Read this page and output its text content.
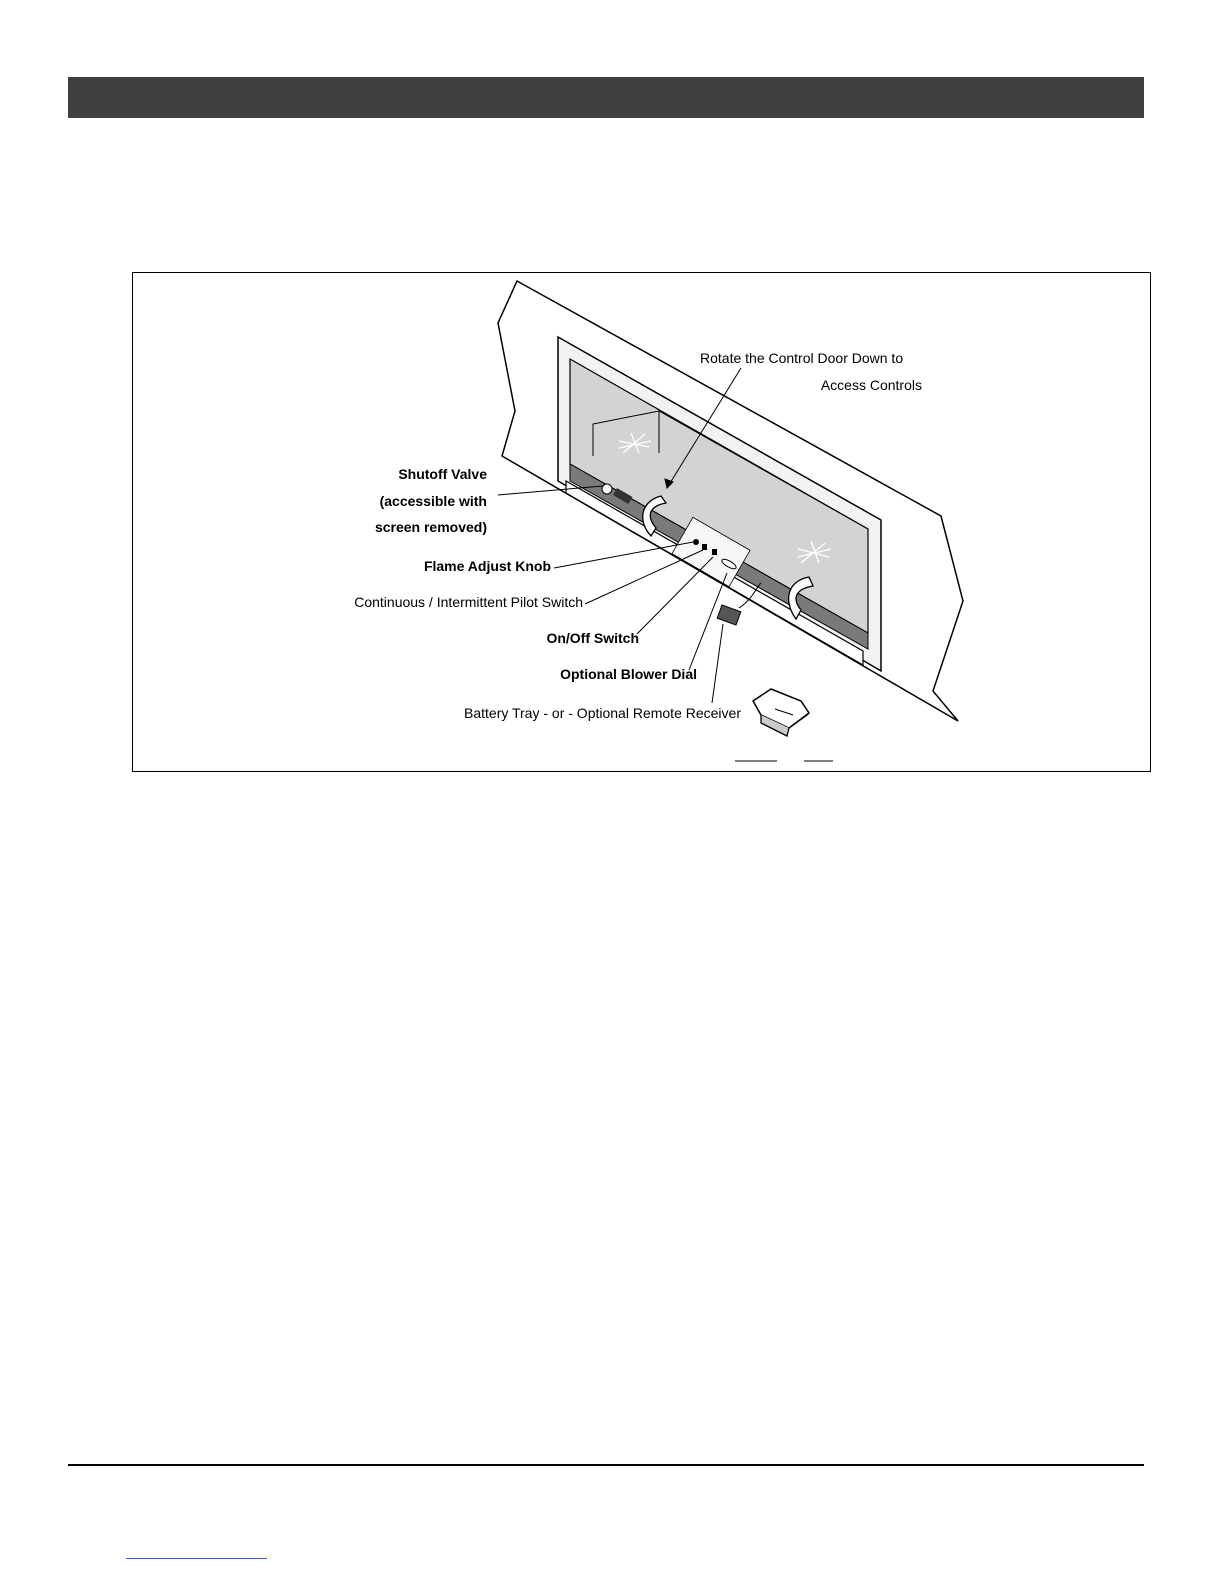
Rotate the Control Door Down to
Access Controls
Shutoff Valve
(accessible with
screen removed)
Flame Adjust Knob
Continuous / Intermittent Pilot Switch
On/Off Switch
Optional Blower Dial
Battery Tray - or - Optional Remote Receiver
